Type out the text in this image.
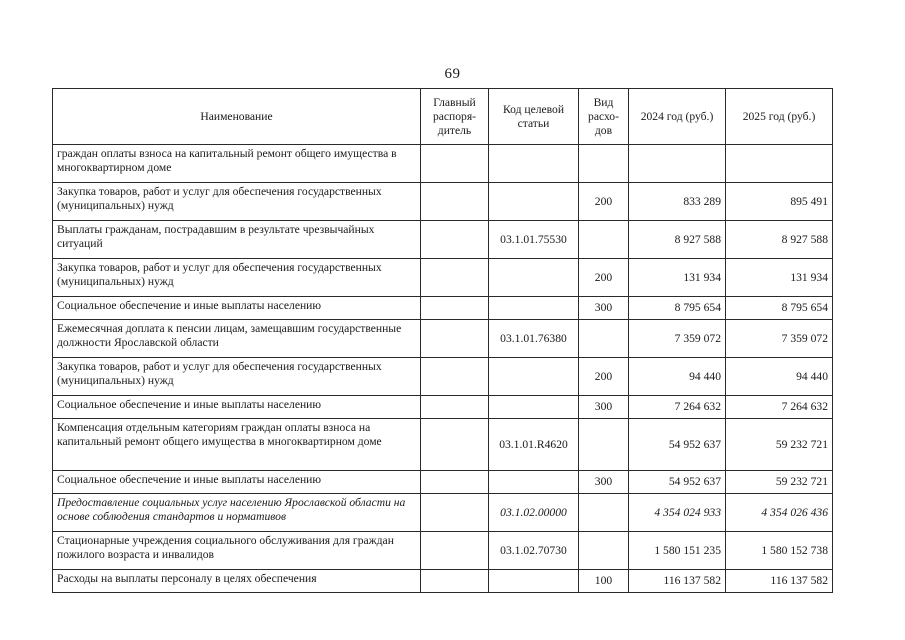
69
Наименование	Главный распоря-дитель	Код целевой статьи	Вид расхо-дов	2024 год (руб.)	2025 год (руб.)
граждан оплаты взноса на капитальный ремонт общего имущества в многоквартирном доме					
Закупка товаров, работ и услуг для обеспечения государственных (муниципальных) нужд			200	833 289	895 491
Выплаты гражданам, пострадавшим в результате чрезвычайных ситуаций		03.1.01.75530		8 927 588	8 927 588
Закупка товаров, работ и услуг для обеспечения государственных (муниципальных) нужд			200	131 934	131 934
Социальное обеспечение и иные выплаты населению			300	8 795 654	8 795 654
Ежемесячная доплата к пенсии лицам, замещавшим государственные должности Ярославской области		03.1.01.76380		7 359 072	7 359 072
Закупка товаров, работ и услуг для обеспечения государственных (муниципальных) нужд			200	94 440	94 440
Социальное обеспечение и иные выплаты населению			300	7 264 632	7 264 632
Компенсация отдельным категориям граждан оплаты взноса на капитальный ремонт общего имущества в многоквартирном доме		03.1.01.R4620		54 952 637	59 232 721
Социальное обеспечение и иные выплаты населению			300	54 952 637	59 232 721
Предоставление социальных услуг населению Ярославской области на основе соблюдения стандартов и нормативов		03.1.02.00000		4 354 024 933	4 354 026 436
Стационарные учреждения социального обслуживания для граждан пожилого возраста и инвалидов		03.1.02.70730		1 580 151 235	1 580 152 738
Расходы на выплаты персоналу в целях обеспечения			100	116 137 582	116 137 582
